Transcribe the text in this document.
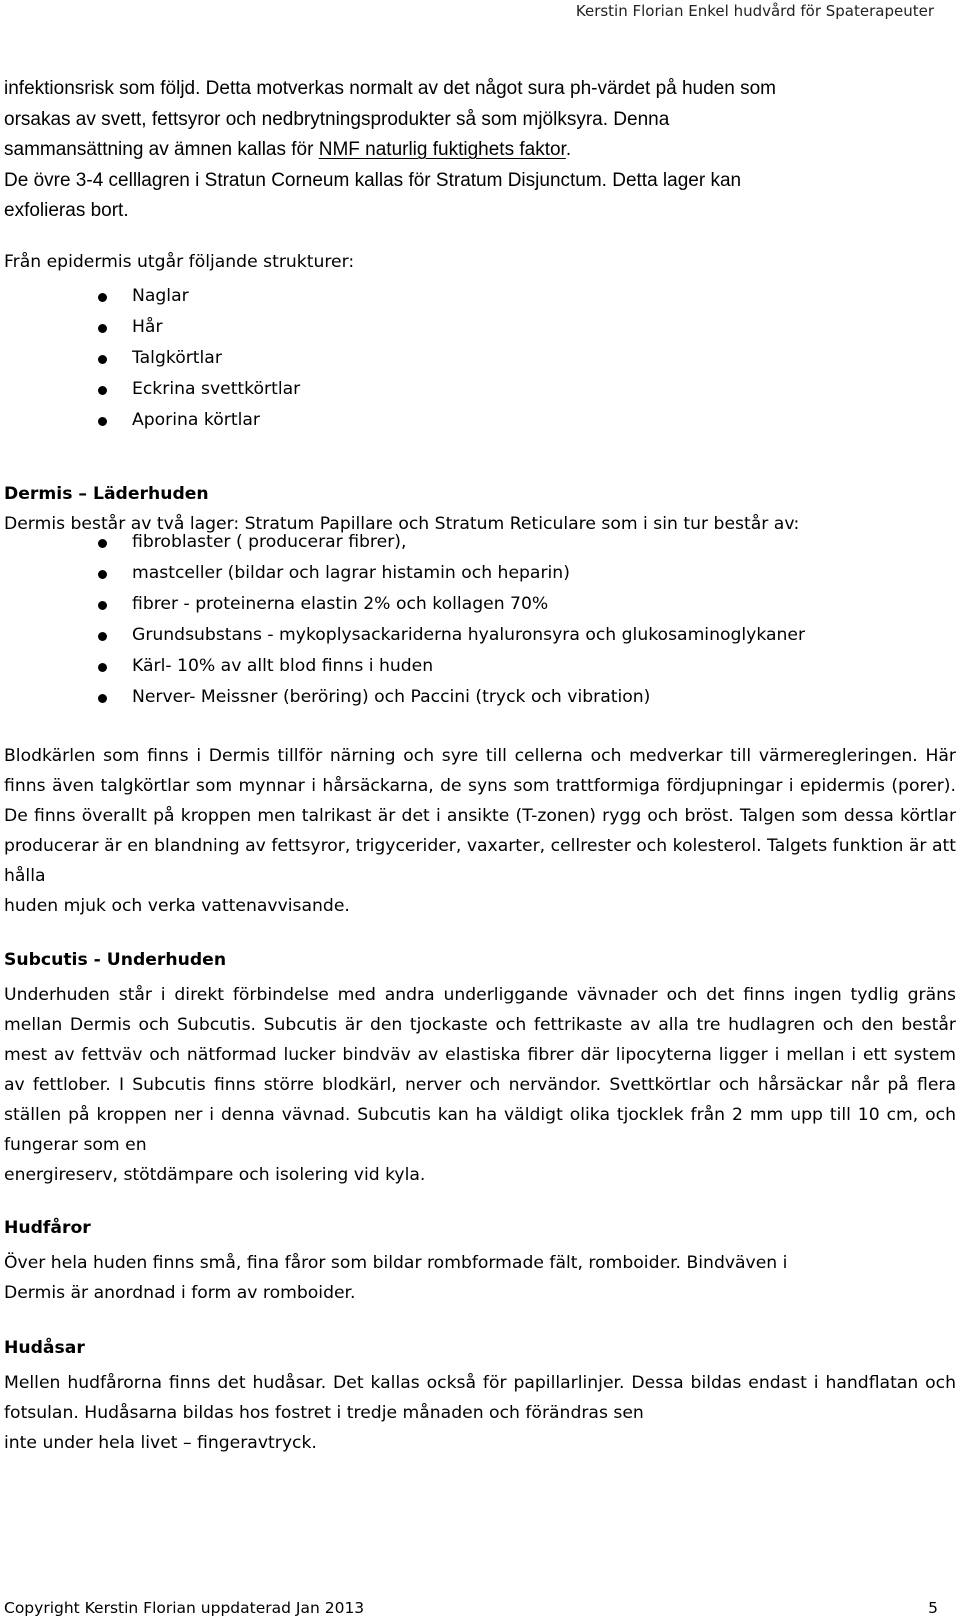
Kerstin Florian Enkel hudvård för Spaterapeuter

infektionsrisk som följd. Detta motverkas normalt av det något sura ph-värdet på huden som

orsakas av svett, fettsyror och nedbrytningsprodukter så som mjölksyra. Denna

sammansättning av ämnen kallas för NMF naturlig fuktighets faktor.

De övre 3-4 celllagren i Stratun Corneum kallas för Stratum Disjunctum. Detta lager kan

exfolieras bort.

Från epidermis utgår följande strukturer:
Naglar
Hår
Talgkörtlar
Eckrina svettkörtlar
Aporina körtlar
Dermis – Läderhuden
Dermis består av två lager: Stratum Papillare och Stratum Reticulare som i sin tur består av:
fibroblaster ( producerar fibrer),
mastceller (bildar och lagrar histamin och heparin)
fibrer - proteinerna elastin 2% och kollagen 70%
Grundsubstans - mykoplysackariderna hyaluronsyra och glukosaminoglykaner
Kärl- 10% av allt blod finns i huden
Nerver- Meissner (beröring) och Paccini (tryck och vibration)

Blodkärlen som finns i Dermis tillför närning och syre till cellerna och medverkar till värmeregleringen. Här finns även talgkörtlar som mynnar i hårsäckarna, de syns som trattformiga fördjupningar i epidermis (porer). De finns överallt på kroppen men talrikast är det i ansikte (T-zonen) rygg och bröst. Talgen som dessa körtlar producerar är en blandning av fettsyror, trigycerider, vaxarter, cellrester och kolesterol. Talgets funktion är att hålla
huden mjuk och verka vattenavvisande.

Subcutis - Underhuden

Underhuden står i direkt förbindelse med andra underliggande vävnader och det finns ingen tydlig gräns mellan Dermis och Subcutis. Subcutis är den tjockaste och fettrikaste av alla tre hudlagren och den består mest av fettväv och nätformad lucker bindväv av elastiska fibrer där lipocyterna ligger i mellan i ett system av fettlober. I Subcutis finns större blodkärl, nerver och nervändor. Svettkörtlar och hårsäckar når på flera ställen på kroppen ner i denna vävnad. Subcutis kan ha väldigt olika tjocklek från 2 mm upp till 10 cm, och fungerar som en
energireserv, stötdämpare och isolering vid kyla.

Hudfåror

Över hela huden finns små, fina fåror som bildar rombformade fält, romboider. Bindväven i
Dermis är anordnad i form av romboider.

Hudåsar

Mellen hudfårorna finns det hudåsar. Det kallas också för papillarlinjer. Dessa bildas endast i handflatan och fotsulan. Hudåsarna bildas hos fostret i tredje månaden och förändras sen
inte under hela livet – fingeravtryck.

Copyright Kerstin Florian uppdaterad Jan 2013	5
